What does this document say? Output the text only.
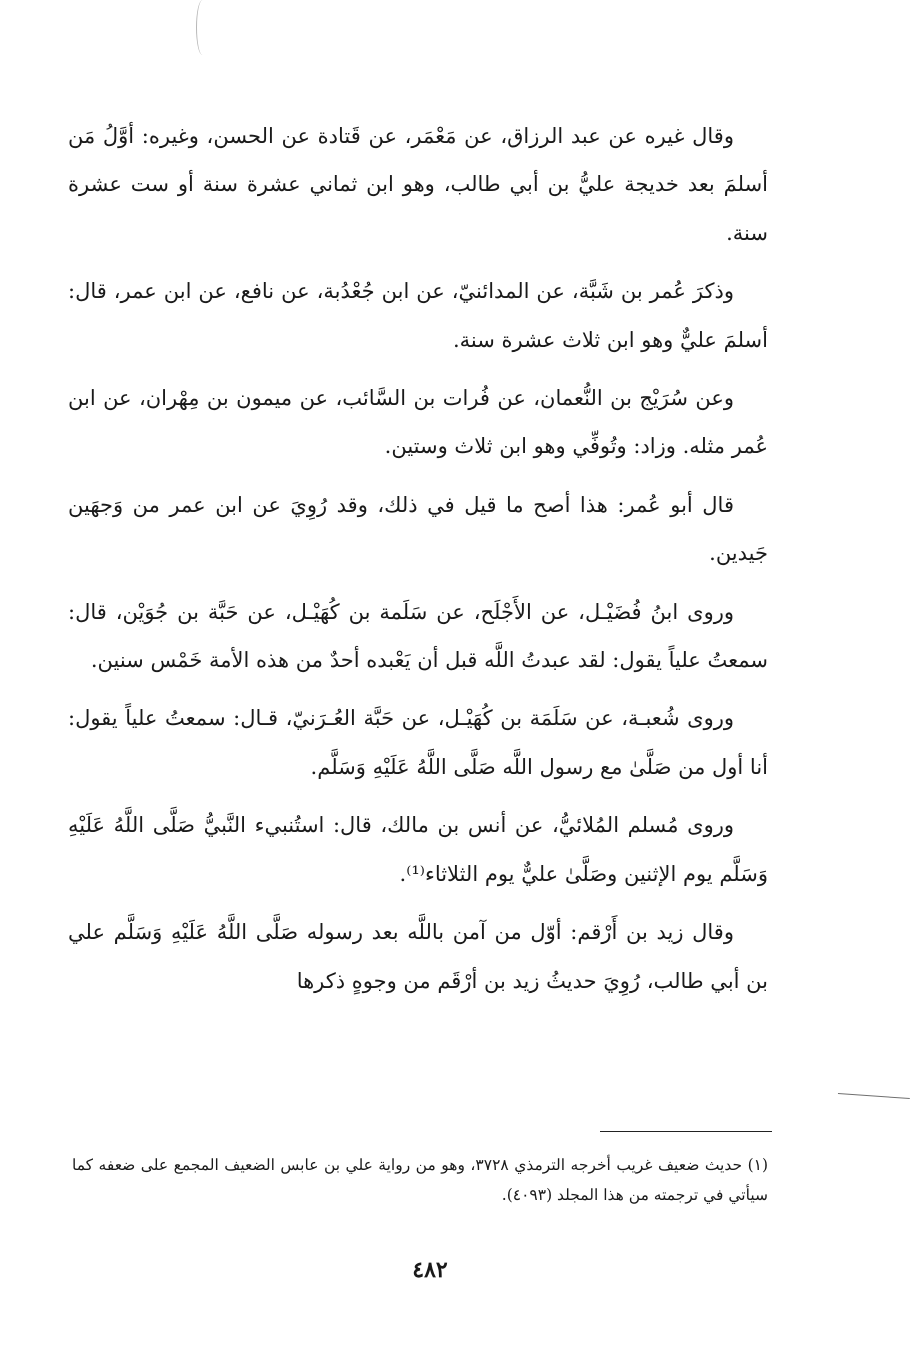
وقال غيره عن عبد الرزاق، عن مَعْمَر، عن قَتادة عن الحسن، وغيره: أوَّلُ مَن أسلمَ بعد خديجة عليُّ بن أبي طالب، وهو ابن ثماني عشرة سنة أو ست عشرة سنة.

وذكرَ عُمر بن شَبَّة، عن المدائنيّ، عن ابن جُعْدُبة، عن نافع، عن ابن عمر، قال: أسلمَ عليٌّ وهو ابن ثلاث عشرة سنة.

وعن سُرَيْج بن النُّعمان، عن فُرات بن السَّائب، عن ميمون بن مِهْران، عن ابن عُمر مثله. وزاد: وتُوفِّي وهو ابن ثلاث وستين.

قال أبو عُمر: هذا أصح ما قيل في ذلك، وقد رُوِيَ عن ابن عمر من وَجهَين جَيدين.

وروى ابنُ فُضَيْـل، عن الأَجْلَح، عن سَلَمة بن كُهَيْـل، عن حَبَّة بن جُوَيْن، قال: سمعتُ علياً يقول: لقد عبدتُ اللَّه قبل أن يَعْبده أحدٌ من هذه الأمة خَمْس سنين.

وروى شُعبـة، عن سَلَمَة بن كُهَيْـل، عن حَبَّة العُـرَنيّ، قـال: سمعتُ علياً يقول: أنا أول من صَلَّىٰ مع رسول اللَّه صَلَّى اللَّهُ عَلَيْهِ وَسَلَّم.

وروى مُسلم المُلائيُّ، عن أنس بن مالك، قال: استُنبيء النَّبيُّ صَلَّى اللَّهُ عَلَيْهِ وَسَلَّم يوم الإثنين وصَلَّىٰ عليٌّ يوم الثلاثاء⁽¹⁾.

وقال زيد بن أَرْقم: أوّل من آمن باللَّه بعد رسوله صَلَّى اللَّهُ عَلَيْهِ وَسَلَّم علي بن أبي طالب، رُوِيَ حديثُ زيد بن أرْقَم من وجوهٍ ذكرها

(١) حديث ضعيف غريب أخرجه الترمذي ٣٧٢٨، وهو من رواية علي بن عابس الضعيف المجمع على ضعفه كما سيأتي في ترجمته من هذا المجلد (٤٠٩٣).

٤٨٢
